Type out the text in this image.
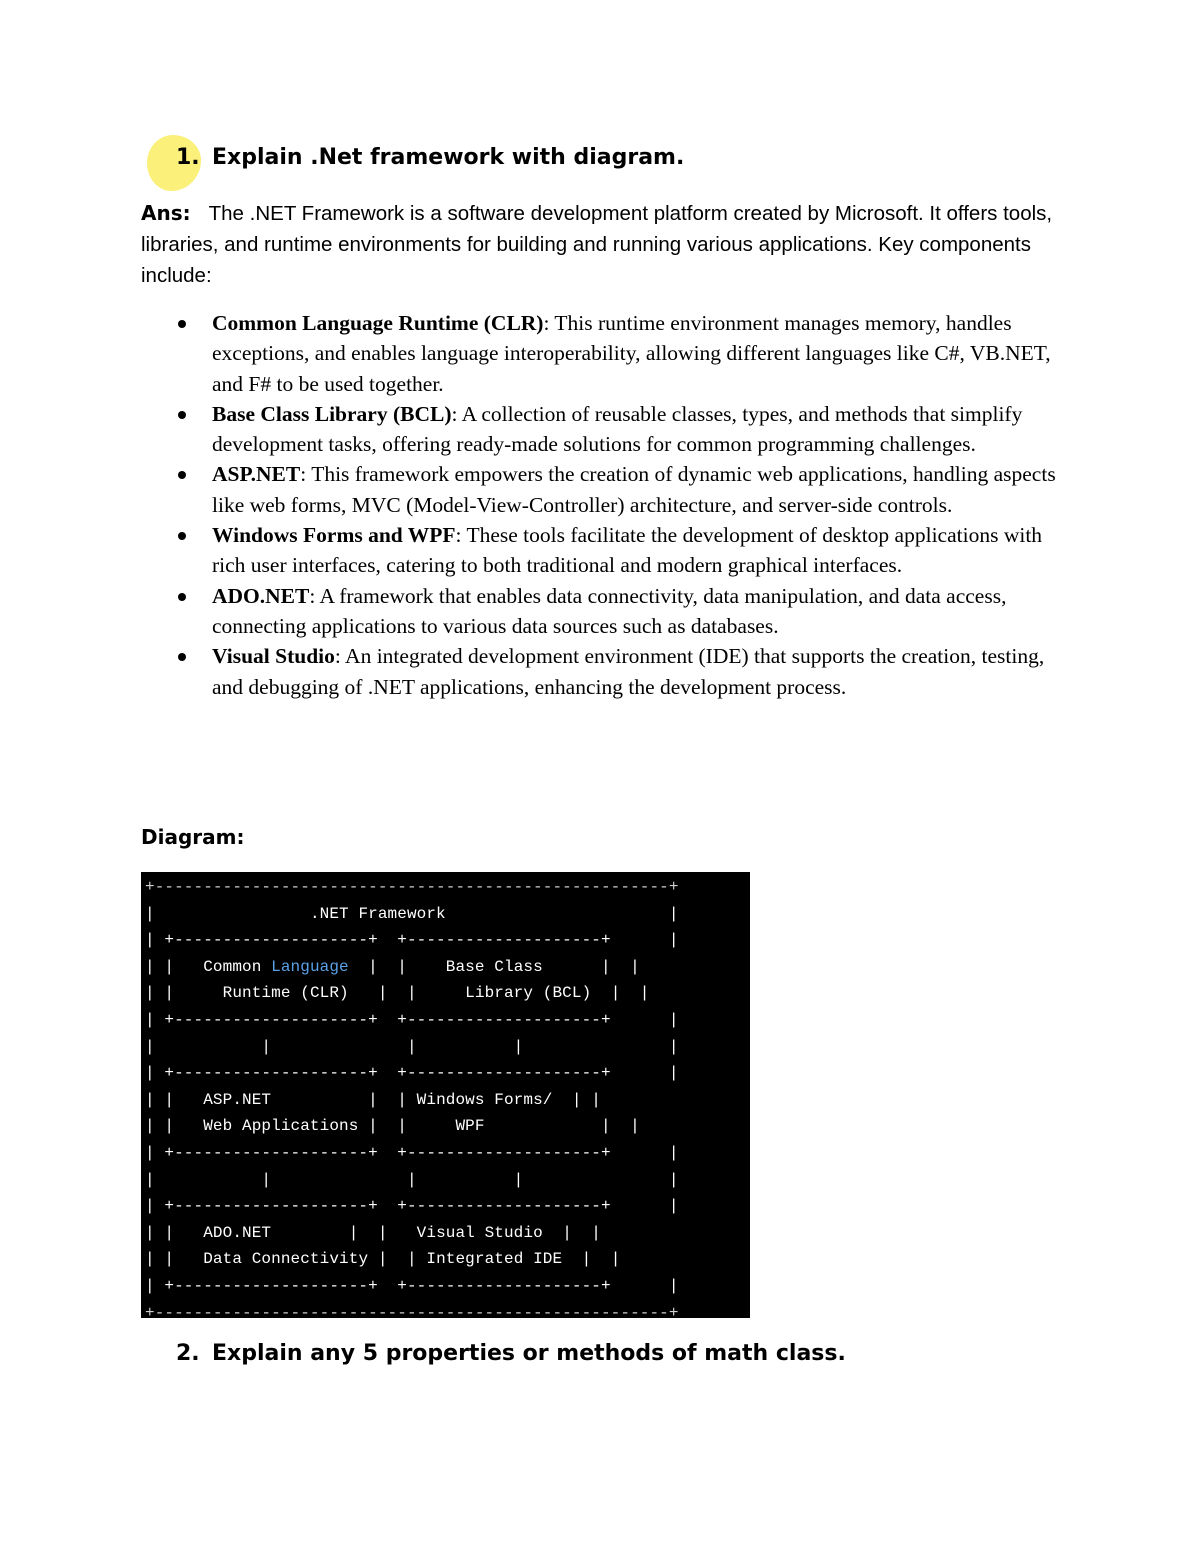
1. Explain .Net framework with diagram.
Ans: The .NET Framework is a software development platform created by Microsoft. It offers tools, libraries, and runtime environments for building and running various applications. Key components include:
Common Language Runtime (CLR): This runtime environment manages memory, handles exceptions, and enables language interoperability, allowing different languages like C#, VB.NET, and F# to be used together.
Base Class Library (BCL): A collection of reusable classes, types, and methods that simplify development tasks, offering ready-made solutions for common programming challenges.
ASP.NET: This framework empowers the creation of dynamic web applications, handling aspects like web forms, MVC (Model-View-Controller) architecture, and server-side controls.
Windows Forms and WPF: These tools facilitate the development of desktop applications with rich user interfaces, catering to both traditional and modern graphical interfaces.
ADO.NET: A framework that enables data connectivity, data manipulation, and data access, connecting applications to various data sources such as databases.
Visual Studio: An integrated development environment (IDE) that supports the creation, testing, and debugging of .NET applications, enhancing the development process.
Diagram:
+-----------------------------------------------------+
|	.NET Framework	|
| +--------------------+  +--------------------+      |
| |   Common Language  |  |    Base Class	|  |
| |	Runtime (CLR)   |  |     Library (BCL)  |  |
| +--------------------+  +--------------------+      |
|           |              |          |               |
| +--------------------+  +--------------------+      |
| |   ASP.NET          |  | Windows Forms/  | |
| |   Web Applications |  |     WPF	|  |
| +--------------------+  +--------------------+      |
|           |              |          |               |
| +--------------------+  +--------------------+      |
| |   ADO.NET        |  |   Visual Studio  |  |
| |   Data Connectivity |  | Integrated IDE  |  |
| +--------------------+  +--------------------+      |
+-----------------------------------------------------+
2. Explain any 5 properties or methods of math class.
